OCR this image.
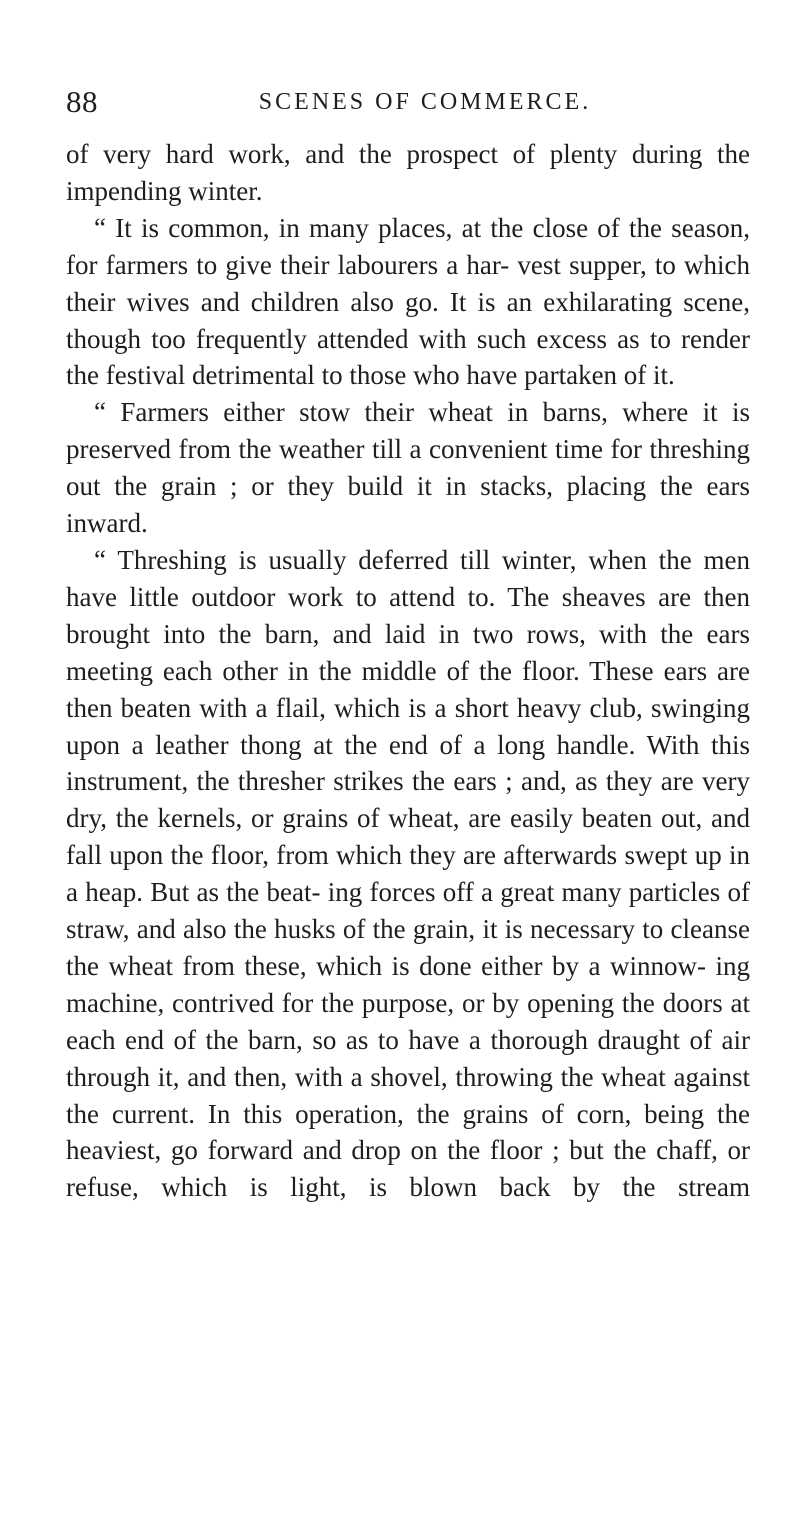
88	SCENES OF COMMERCE.

of very hard work, and the prospect of plenty during the impending winter.

“ It is common, in many places, at the close of the season, for farmers to give their labourers a har- vest supper, to which their wives and children also go. It is an exhilarating scene, though too frequently attended with such excess as to render the festival detrimental to those who have partaken of it.

“ Farmers either stow their wheat in barns, where it is preserved from the weather till a convenient time for threshing out the grain ; or they build it in stacks, placing the ears inward.

“ Threshing is usually deferred till winter, when the men have little outdoor work to attend to. The sheaves are then brought into the barn, and laid in two rows, with the ears meeting each other in the middle of the floor. These ears are then beaten with a flail, which is a short heavy club, swinging upon a leather thong at the end of a long handle. With this instrument, the thresher strikes the ears ; and, as they are very dry, the kernels, or grains of wheat, are easily beaten out, and fall upon the floor, from which they are afterwards swept up in a heap. But as the beat- ing forces off a great many particles of straw, and also the husks of the grain, it is necessary to cleanse the wheat from these, which is done either by a winnow- ing machine, contrived for the purpose, or by opening the doors at each end of the barn, so as to have a thorough draught of air through it, and then, with a shovel, throwing the wheat against the current. In this operation, the grains of corn, being the heaviest, go forward and drop on the floor ; but the chaff, or refuse, which is light, is blown back by the stream
